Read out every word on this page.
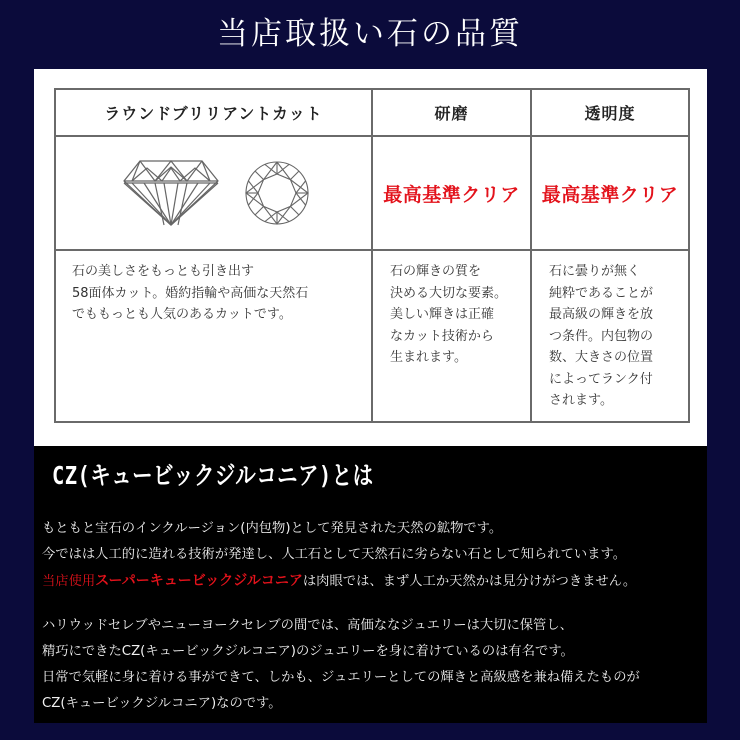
当店取扱い石の品質
ラウンドブリリアントカット	研磨	透明度

	最高基準クリア	最高基準クリア

石の美しさをもっとも引き出す
58面体カット。婚約指輪や高価な天然石
でももっとも人気のあるカットです。

石の輝きの質を
決める大切な要素。
美しい輝きは正確
なカット技術から
生まれます。

石に曇りが無く
純粋であることが
最高級の輝きを放
つ条件。内包物の
数、大きさの位置
によってランク付
されます。
CZ(キュービックジルコニア)とは
もともと宝石のインクルージョン(内包物)として発見された天然の鉱物です。
今ではは人工的に造れる技術が発達し、人工石として天然石に劣らない石として知られています。
当店使用スーパーキュービックジルコニアは肉眼では、まず人工か天然かは見分けがつきません。
ハリウッドセレブやニューヨークセレブの間では、高価ななジュエリーは大切に保管し、
精巧にできたCZ(キュービックジルコニア)のジュエリーを身に着けているのは有名です。
日常で気軽に身に着ける事ができて、しかも、ジュエリーとしての輝きと高級感を兼ね備えたものが
CZ(キュービックジルコニア)なのです。
